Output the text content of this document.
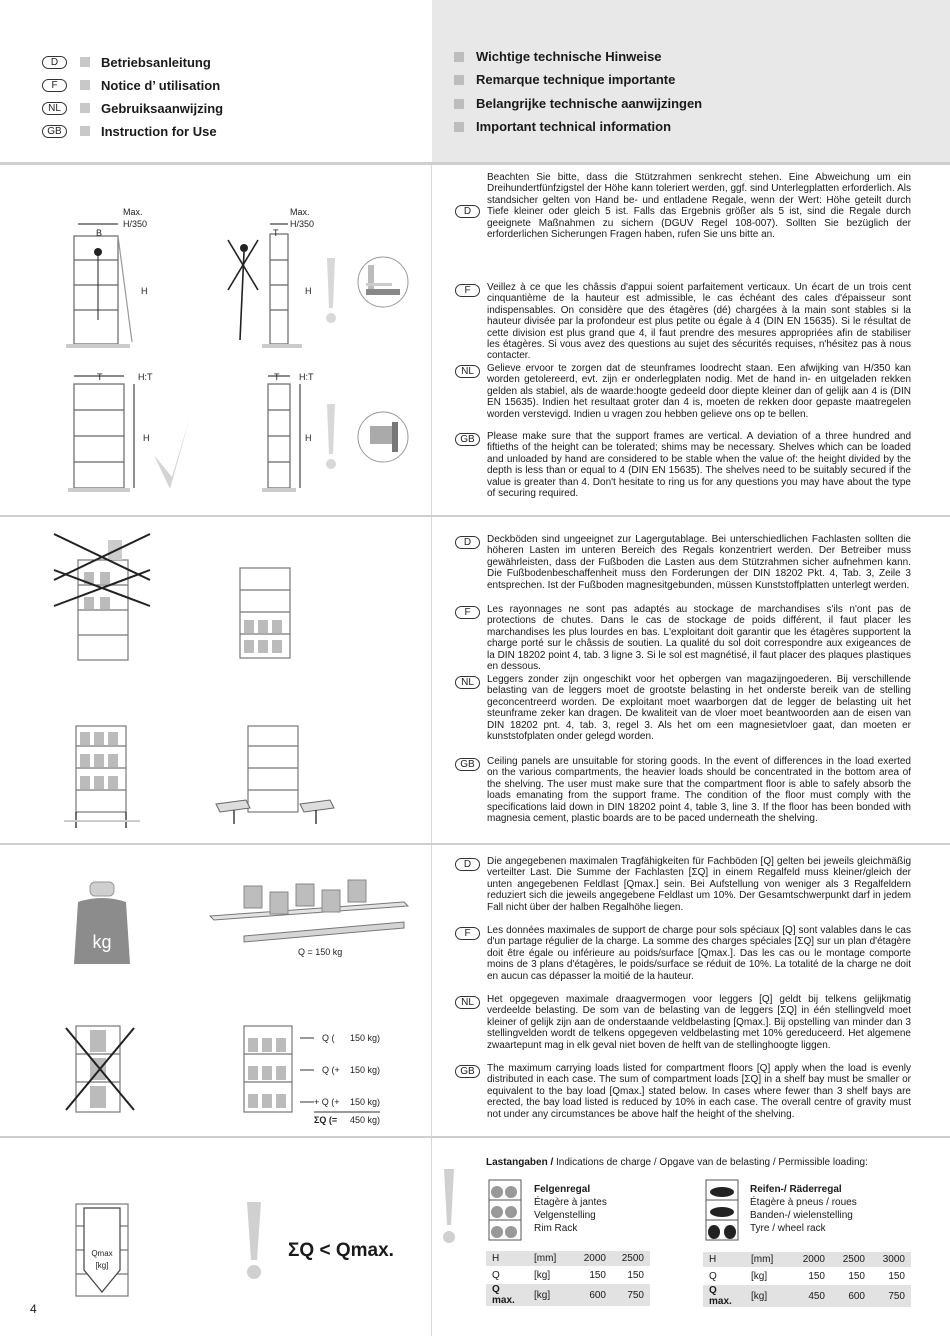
D	Betriebsanleitung
F	Notice d’ utilisation
NL	Gebruiksaanwijzing
GB	Instruction for Use
Wichtige technische Hinweise
Remarque technique importante
Belangrijke technische aanwijzingen
Important technical information
Max.
H/350
B
H
Max.
H/350
T
H
T	H:T
H
T H:T
H
D

Beachten Sie bitte, dass die Stützrahmen senkrecht stehen. Eine Abweichung um ein Dreihundertfünfzigstel der Höhe kann toleriert werden, ggf. sind Unterlegplatten erforderlich. Als standsicher gelten von Hand be- und entladene Regale, wenn der Wert: Höhe geteilt durch Tiefe kleiner oder gleich 5 ist. Falls das Ergebnis größer als 5 ist, sind die Regale durch geeignete Maßnahmen zu sichern (DGUV Regel 108-007). Sollten Sie bezüglich der erforderlichen Sicherungen Fragen haben, rufen Sie uns bitte an.

F	Veillez à ce que les châssis d'appui soient parfaitement verticaux. Un écart de un trois cent cinquantième de la hauteur est admissible, le cas échéant des cales d'épaisseur sont indispensables. On considère que des étagères (dé) chargées à la main sont stables si la hauteur divisée par la profondeur est plus petite ou égale à 4 (DIN EN 15635). Si le résultat de cette division est plus grand que 4, il faut prendre des mesures appropriées afin de stabiliser les étagères. Si vous avez des questions au sujet des sécurités requises, n'hésitez pas à nous contacter.

NL	Gelieve ervoor te zorgen dat de steunframes loodrecht staan. Een afwijking van H/350 kan worden getolereerd, evt. zijn er onderlegplaten nodig. Met de hand in- en uitgeladen rekken gelden als stabiel, als de waarde:hoogte gedeeld door diepte kleiner dan of gelijk aan 4 is (DIN EN 15635). Indien het resultaat groter dan 4 is, moeten de rekken door gepaste maatregelen worden verstevigd. Indien u vragen zou hebben gelieve ons op te bellen.

GB	Please make sure that the support frames are vertical. A deviation of a three hundred and fiftieths of the height can be tolerated; shims may be necessary. Shelves which can be loaded and unloaded by hand are considered to be stable when the value of: the height divided by the depth is less than or equal to 4 (DIN EN 15635). The shelves need to be suitably secured if the value is greater than 4. Don't hesitate to ring us for any questions you may have about the type of securing required.

D	Deckböden sind ungeeignet zur Lagergutablage. Bei unterschiedlichen Fachlasten sollten die höheren Lasten im unteren Bereich des Regals konzentriert werden. Der Betreiber muss gewährleisten, dass der Fußboden die Lasten aus dem Stützrahmen sicher aufnehmen kann. Die Fußbodenbeschaffenheit muss den Forderungen der DIN 18202 Pkt. 4, Tab. 3, Zeile 3 entsprechen. Ist der Fußboden magnesitgebunden, müssen Kunststoffplatten unterlegt werden.

F	Les rayonnages ne sont pas adaptés au stockage de marchandises s'ils n'ont pas de protections de chutes. Dans le cas de stockage de poids différent, il faut placer les marchandises les plus lourdes en bas. L'exploitant doit garantir que les étagères supportent la charge porté sur le châssis de soutien. La qualité du sol doit correspondre aux exigeances de la DIN 18202 point 4, tab. 3 ligne 3. Si le sol est magnétisé, il faut placer des plaques plastiques en dessous.

NL	Leggers zonder zijn ongeschikt voor het opbergen van magazijngoederen. Bij verschillende belasting van de leggers moet de grootste belasting in het onderste bereik van de stelling geconcentreerd worden. De exploitant moet waarborgen dat de legger de belasting uit het steunframe zeker kan dragen. De kwaliteit van de vloer moet beantwoorden aan de eisen van DIN 18202 pnt. 4, tab. 3, regel 3. Als het om een magnesietvloer gaat, dan moeten er kunststofplaten onder gelegd worden.

GB	Ceiling panels are unsuitable for storing goods. In the event of differences in the load exerted on the various compartments, the heavier loads should be concentrated in the bottom area of the shelving. The user must make sure that the compartment floor is able to safely absorb the loads emanating from the support frame. The condition of the floor must comply with the specifications laid down in DIN 18202 point 4, table 3, line 3. If the floor has been bonded with magnesia cement, plastic boards are to be paced underneath the shelving.

kg	Q = 150 kg
Q ( 150 kg)
Q (+ 150 kg)
+ Q (+ 150 kg)
ΣQ (= 450 kg)
D	Die angegebenen maximalen Tragfähigkeiten für Fachböden [Q] gelten bei jeweils gleichmäßig verteilter Last. Die Summe der Fachlasten [ΣQ] in einem Regalfeld muss kleiner/gleich der unten angegebenen Feldlast [Qmax.] sein. Bei Aufstellung von weniger als 3 Regalfeldern reduziert sich die jeweils angegebene Feldlast um 10%. Der Gesamtschwerpunkt darf in jedem Fall nicht über der halben Regalhöhe liegen.

F	Les données maximales de support de charge pour sols spéciaux [Q] sont valables dans le cas d'un partage régulier de la charge. La somme des charges spéciales [ΣQ] sur un plan d'étagère doit être égale ou inférieure au poids/surface [Qmax.]. Das les cas ou le montage comporte moins de 3 plans d'étagères, le poids/surface se réduit de 10%. La totalité de la charge ne doit en aucun cas dépasser la moitié de la hauteur.

NL	Het opgegeven maximale draagvermogen voor leggers [Q] geldt bij telkens gelijkmatig verdeelde belasting. De som van de belasting van de leggers [ΣQ] in één stellingveld moet kleiner of gelijk zijn aan de onderstaande veldbelasting [Qmax.]. Bij opstelling van minder dan 3 stellingvelden wordt de telkens opgegeven veldbelasting met 10% gereduceerd. Het algemene zwaartepunt mag in elk geval niet boven de helft van de stellinghoogte liggen.

GB	The maximum carrying loads listed for compartment floors [Q] apply when the load is evenly distributed in each case. The sum of compartment loads [ΣQ] in a shelf bay must be smaller or equivalent to the bay load [Qmax.] stated below. In cases where fewer than 3 shelf bays are erected, the bay load listed is reduced by 10% in each case. The overall centre of gravity must not under any circumstances be above half the height of the shelving.

Qmax
[kg]
ΣQ < Qmax.
Lastangaben / Indications de charge / Opgave van de belasting / Permissible loading:
Felgenregal
Étagère à jantes
Velgenstelling
Rim Rack
H	[mm]	2000	2500
Q	[kg]	150	150
Q max.	[kg]	600	750
Reifen-/ Räderregal
Étagère à pneus / roues
Banden-/ wielenstelling
Tyre / wheel rack
H	[mm]	2000	2500	3000
Q	[kg]	150	150	150
Q max.	[kg]	450	600	750
4
